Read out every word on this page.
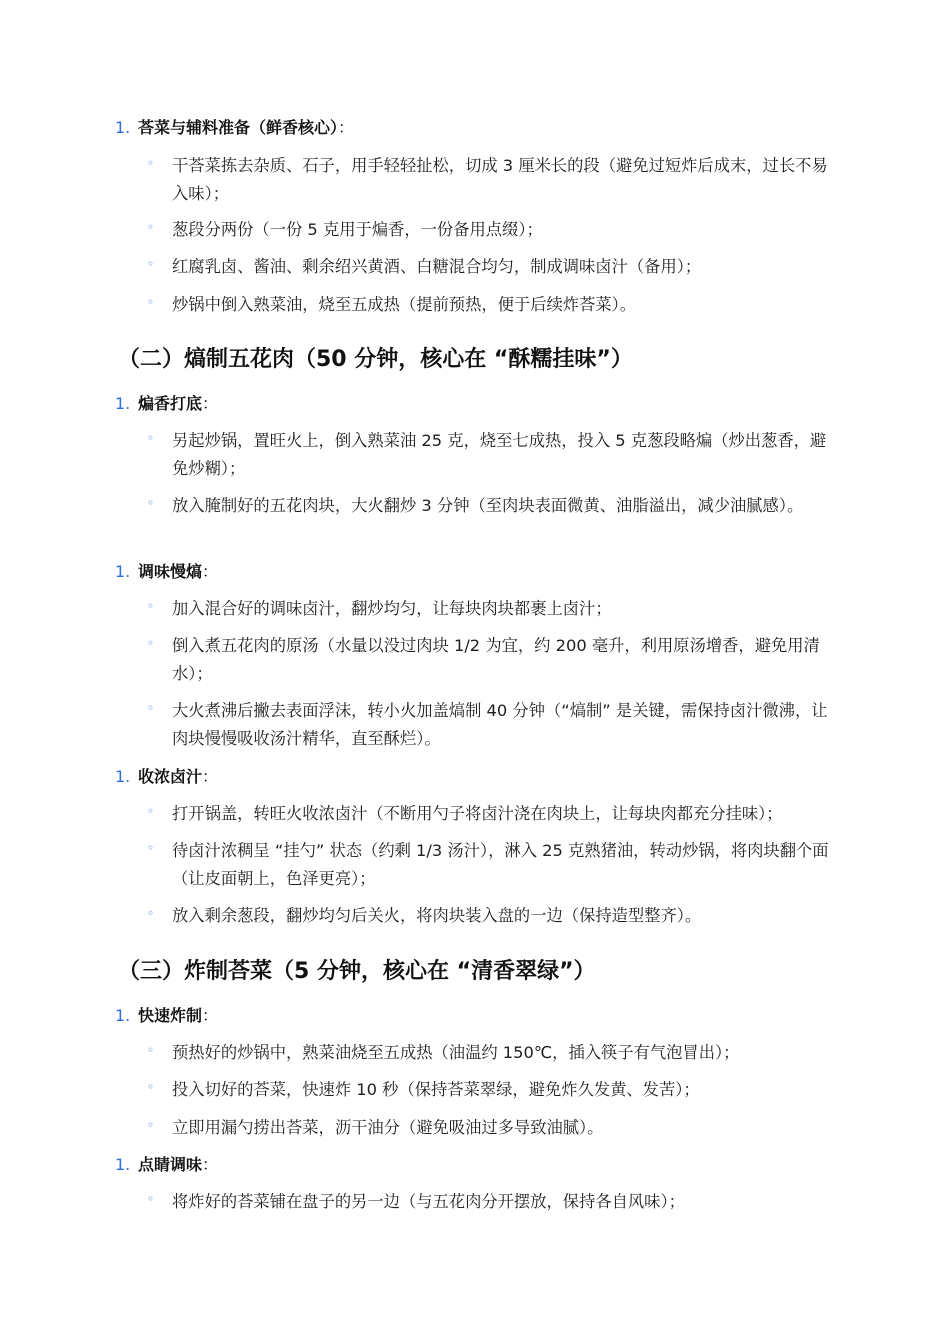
1. 荅菜与辅料准备（鲜香核心）：
◦ 干荅菜拣去杂质、石子，用手轻轻扯松，切成 3 厘米长的段（避免过短炸后成末，过长不易入味）；
◦ 葱段分两份（一份 5 克用于煸香，一份备用点缀）；
◦ 红腐乳卤、酱油、剩余绍兴黄酒、白糖混合均匀，制成调味卤汁（备用）；
◦ 炒锅中倒入熟菜油，烧至五成热（提前预热，便于后续炸荅菜）。
（二）熇制五花肉（50 分钟，核心在 “酥糯挂味”）
1. 煸香打底：
◦ 另起炒锅，置旺火上，倒入熟菜油 25 克，烧至七成热，投入 5 克葱段略煸（炒出葱香，避免炒糊）；
◦ 放入腌制好的五花肉块，大火翻炒 3 分钟（至肉块表面微黄、油脂溢出，减少油腻感）。
1. 调味慢熇：
◦ 加入混合好的调味卤汁，翻炒均匀，让每块肉块都裹上卤汁；
◦ 倒入煮五花肉的原汤（水量以没过肉块 1/2 为宜，约 200 毫升，利用原汤增香，避免用清水）；
◦ 大火煮沸后撇去表面浮沫，转小火加盖熇制 40 分钟（“熇制” 是关键，需保持卤汁微沸，让肉块慢慢吸收汤汁精华，直至酥烂）。
1. 收浓卤汁：
◦ 打开锅盖，转旺火收浓卤汁（不断用勺子将卤汁浇在肉块上，让每块肉都充分挂味）；
◦ 待卤汁浓稠呈 “挂勺” 状态（约剩 1/3 汤汁），淋入 25 克熟猪油，转动炒锅，将肉块翻个面（让皮面朝上，色泽更亮）；
◦ 放入剩余葱段，翻炒均匀后关火，将肉块装入盘的一边（保持造型整齐）。
（三）炸制荅菜（5 分钟，核心在 “清香翠绿”）
1. 快速炸制：
◦ 预热好的炒锅中，熟菜油烧至五成热（油温约 150℃，插入筷子有气泡冒出）；
◦ 投入切好的荅菜，快速炸 10 秒（保持荅菜翠绿，避免炸久发黄、发苦）；
◦ 立即用漏勺捞出荅菜，沥干油分（避免吸油过多导致油腻）。
1. 点睛调味：
◦ 将炸好的荅菜铺在盘子的另一边（与五花肉分开摆放，保持各自风味）；
